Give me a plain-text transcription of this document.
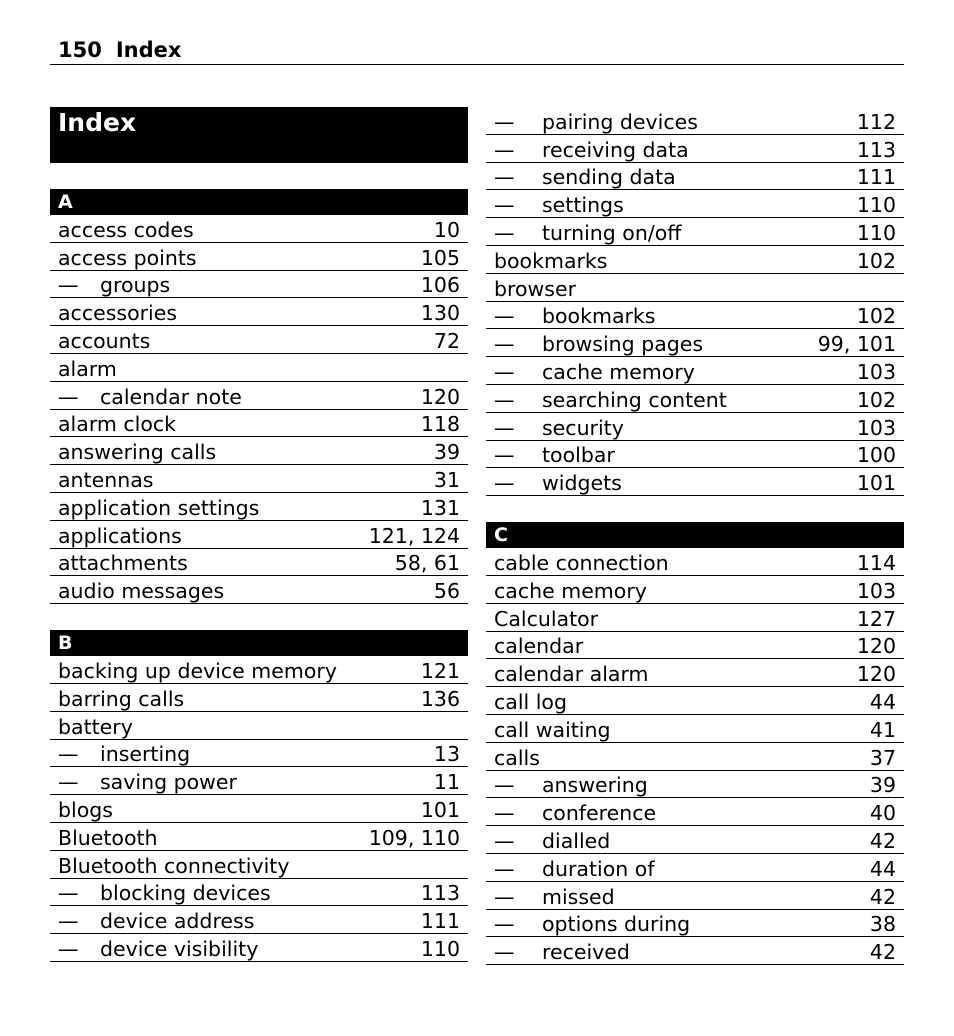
150 Index
Index
A
access codes	10
access points	105
— groups	106
accessories	130
accounts	72
alarm
— calendar note	120
alarm clock	118
answering calls	39
antennas	31
application settings	131
applications	121, 124
attachments	58, 61
audio messages	56
B
backing up device memory	121
barring calls	136
battery
— inserting	13
— saving power	11
blogs	101
Bluetooth	109, 110
Bluetooth connectivity
— blocking devices	113
— device address	111
— device visibility	110
— pairing devices	112
— receiving data	113
— sending data	111
— settings	110
— turning on/off	110
bookmarks	102
browser
— bookmarks	102
— browsing pages	99, 101
— cache memory	103
— searching content	102
— security	103
— toolbar	100
— widgets	101
C
cable connection	114
cache memory	103
Calculator	127
calendar	120
calendar alarm	120
call log	44
call waiting	41
calls	37
— answering	39
— conference	40
— dialled	42
— duration of	44
— missed	42
— options during	38
— received	42
